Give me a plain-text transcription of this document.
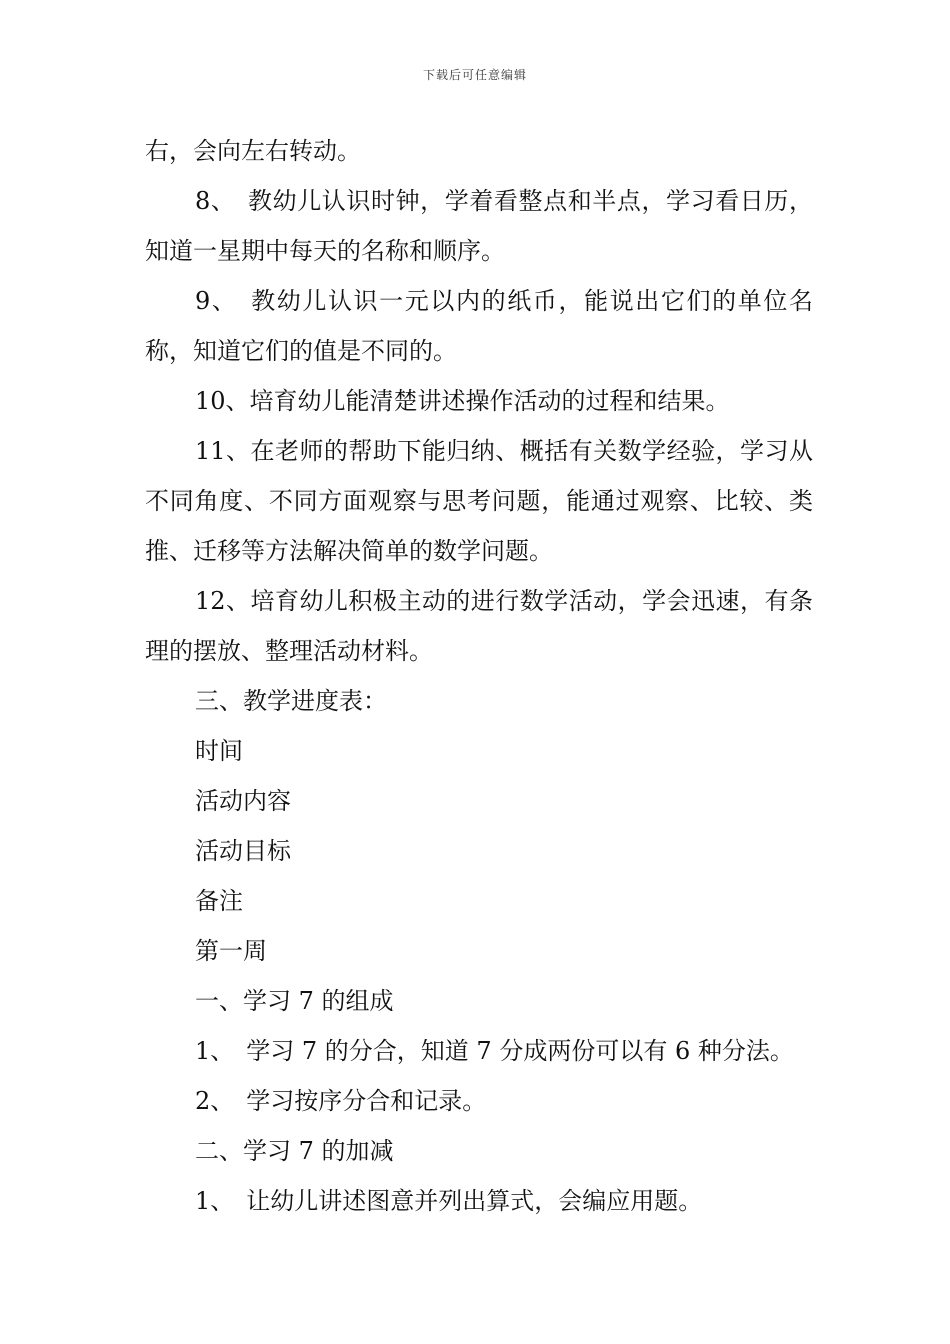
下载后可任意编辑

右，会向左右转动。

8、　教幼儿认识时钟，学着看整点和半点，学习看日历，知道一星期中每天的名称和顺序。

9、　教幼儿认识一元以内的纸币，能说出它们的单位名称，知道它们的值是不同的。

10、培育幼儿能清楚讲述操作活动的过程和结果。

11、在老师的帮助下能归纳、概括有关数学经验，学习从不同角度、不同方面观察与思考问题，能通过观察、比较、类推、迁移等方法解决简单的数学问题。

12、培育幼儿积极主动的进行数学活动，学会迅速，有条理的摆放、整理活动材料。

三、教学进度表：

时间

活动内容

活动目标

备注

第一周

一、学习 7 的组成

1、　学习 7 的分合，知道 7 分成两份可以有 6 种分法。

2、　学习按序分合和记录。

二、学习 7 的加减

1、　让幼儿讲述图意并列出算式，会编应用题。
